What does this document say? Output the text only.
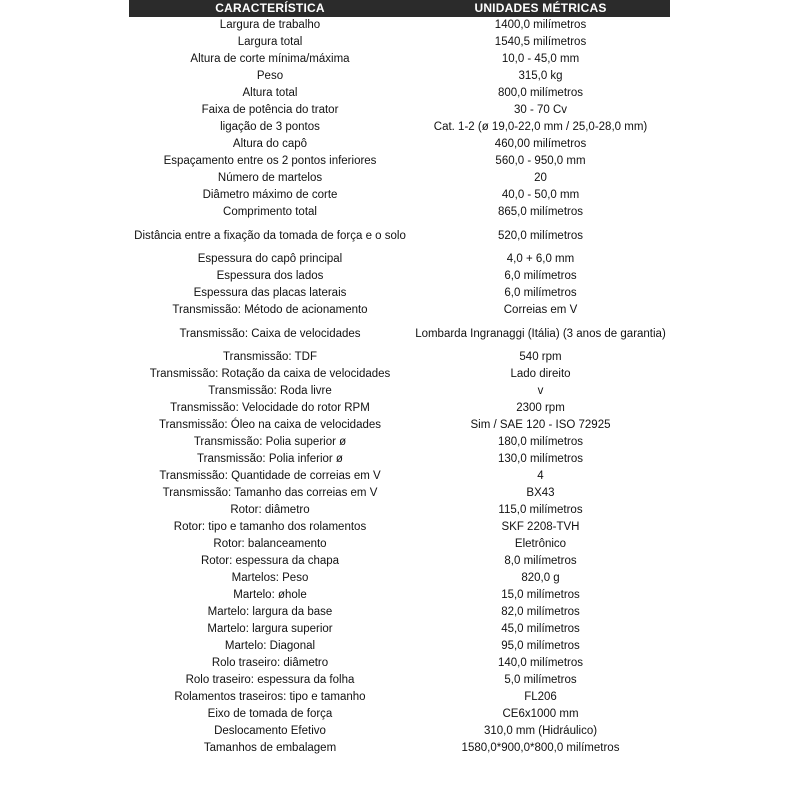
CARACTERÍSTICA	UNIDADES MÉTRICAS
Largura de trabalho	1400,0 milímetros
Largura total	1540,5 milímetros
Altura de corte mínima/máxima	10,0 - 45,0 mm
Peso	315,0 kg
Altura total	800,0 milímetros
Faixa de potência do trator	30 - 70 Cv
ligação de 3 pontos	Cat. 1-2 (ø 19,0-22,0 mm / 25,0-28,0 mm)
Altura do capô	460,00 milímetros
Espaçamento entre os 2 pontos inferiores	560,0 - 950,0 mm
Número de martelos	20
Diâmetro máximo de corte	40,0 - 50,0 mm
Comprimento total	865,0 milímetros
Distância entre a fixação da tomada de força e o solo	520,0 milímetros
Espessura do capô principal	4,0 + 6,0 mm
Espessura dos lados	6,0 milímetros
Espessura das placas laterais	6,0 milímetros
Transmissão: Método de acionamento	Correias em V
Transmissão: Caixa de velocidades	Lombarda Ingranaggi (Itália) (3 anos de garantia)
Transmissão: TDF	540 rpm
Transmissão: Rotação da caixa de velocidades	Lado direito
Transmissão: Roda livre	v
Transmissão: Velocidade do rotor RPM	2300 rpm
Transmissão: Óleo na caixa de velocidades	Sim / SAE 120 - ISO 72925
Transmissão: Polia superior ø	180,0 milímetros
Transmissão: Polia inferior ø	130,0 milímetros
Transmissão: Quantidade de correias em V	4
Transmissão: Tamanho das correias em V	BX43
Rotor: diâmetro	115,0 milímetros
Rotor: tipo e tamanho dos rolamentos	SKF 2208-TVH
Rotor: balanceamento	Eletrônico
Rotor: espessura da chapa	8,0 milímetros
Martelos: Peso	820,0 g
Martelo: øhole	15,0 milímetros
Martelo: largura da base	82,0 milímetros
Martelo: largura superior	45,0 milímetros
Martelo: Diagonal	95,0 milímetros
Rolo traseiro: diâmetro	140,0 milímetros
Rolo traseiro: espessura da folha	5,0 milímetros
Rolamentos traseiros: tipo e tamanho	FL206
Eixo de tomada de força	CE6x1000 mm
Deslocamento Efetivo	310,0 mm (Hidráulico)
Tamanhos de embalagem	1580,0*900,0*800,0 milímetros
